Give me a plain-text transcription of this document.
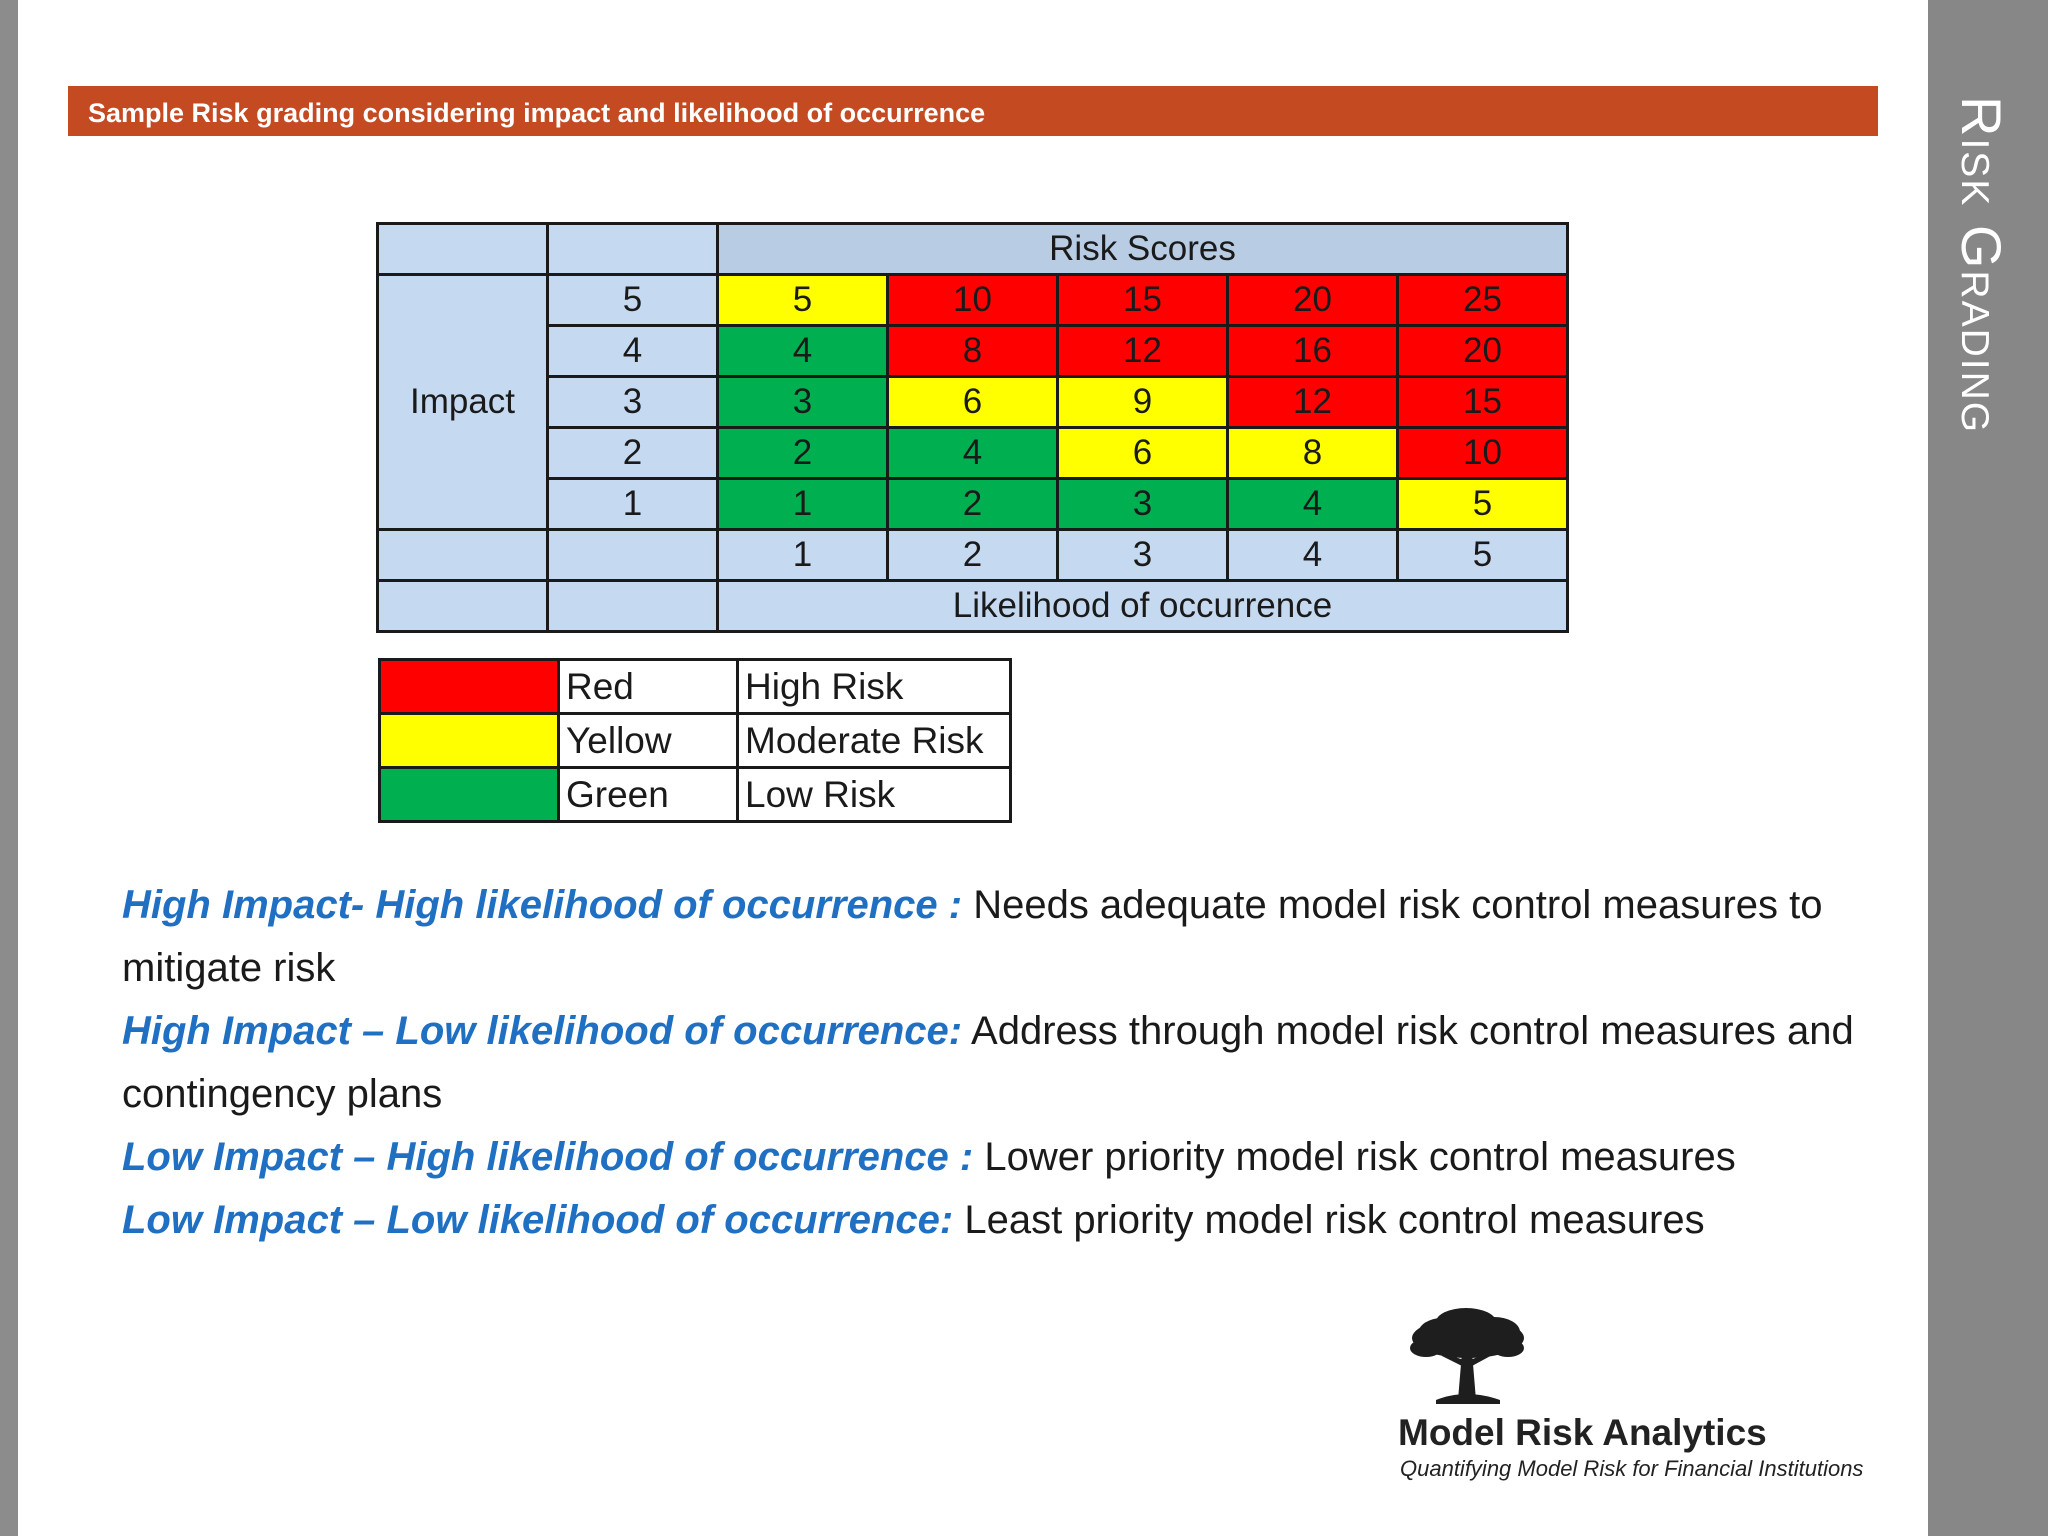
Risk Grading
Sample Risk grading considering impact and likelihood of occurrence
		Risk Scores				
Impact	5	5	10	15	20	25
	4	4	8	12	16	20
	3	3	6	9	12	15
	2	2	4	6	8	10
	1	1	2	3	4	5
		1	2	3	4	5
		Likelihood of occurrence				
	Red	High Risk
	Yellow	Moderate Risk
	Green	Low Risk

High Impact- High likelihood of occurrence : Needs adequate model risk control measures to mitigate risk

High Impact – Low likelihood of occurrence: Address through model risk control measures and contingency plans

Low Impact – High likelihood of occurrence : Lower priority model risk control measures

Low Impact – Low likelihood of occurrence: Least priority model risk control measures

Model Risk Analytics
Quantifying Model Risk for Financial Institutions
